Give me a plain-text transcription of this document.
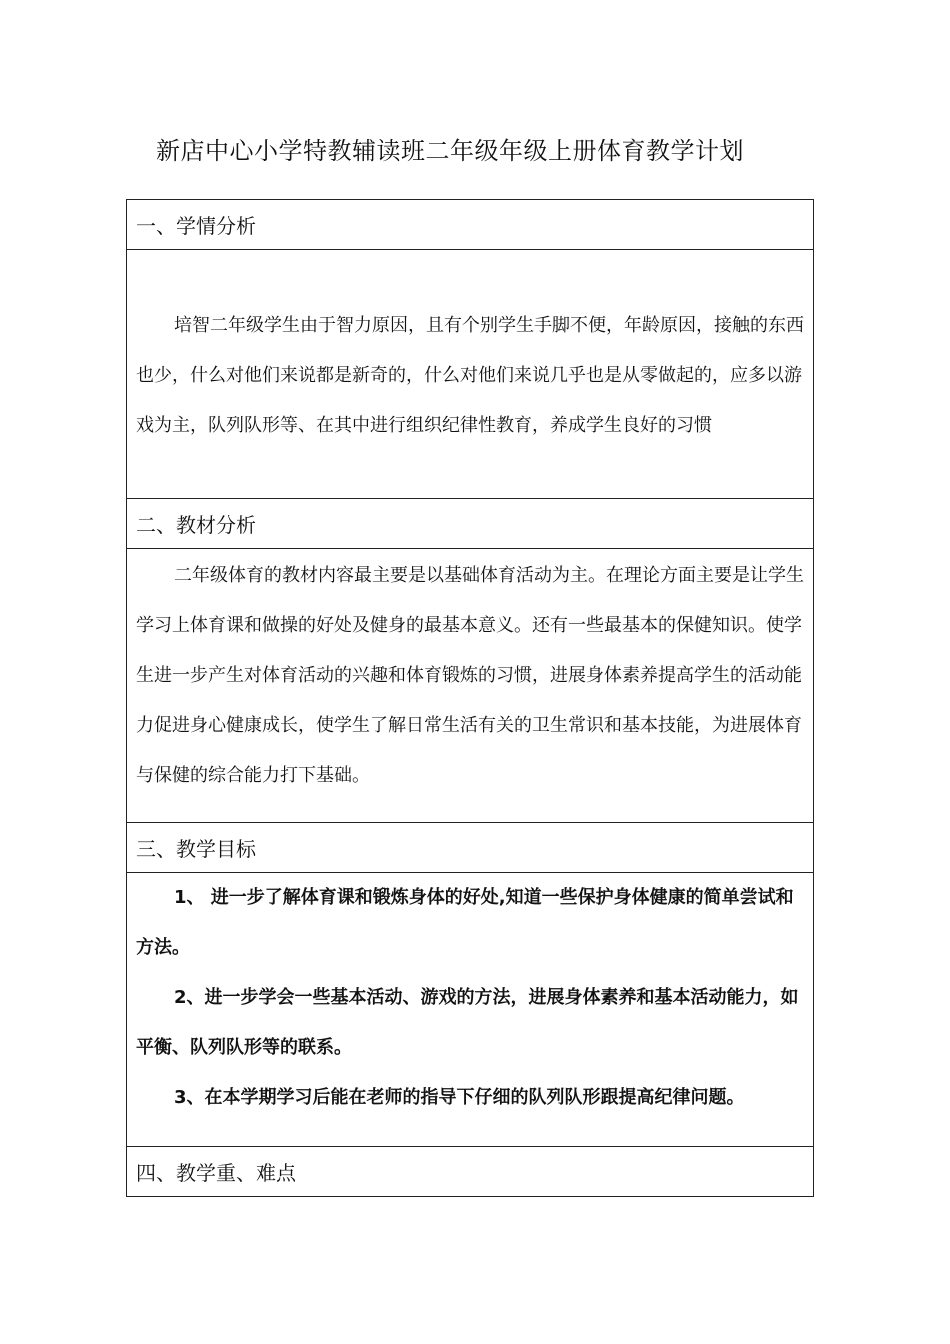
新店中心小学特教辅读班二年级年级上册体育教学计划
一、学情分析

培智二年级学生由于智力原因，且有个别学生手脚不便，年龄原因，接触的东西也少，什么对他们来说都是新奇的，什么对他们来说几乎也是从零做起的，应多以游戏为主，队列队形等、在其中进行组织纪律性教育，养成学生良好的习惯

二、教材分析

二年级体育的教材内容最主要是以基础体育活动为主。在理论方面主要是让学生学习上体育课和做操的好处及健身的最基本意义。还有一些最基本的保健知识。使学生进一步产生对体育活动的兴趣和体育锻炼的习惯，进展身体素养提高学生的活动能力促进身心健康成长，使学生了解日常生活有关的卫生常识和基本技能，为进展体育与保健的综合能力打下基础。

三、教学目标

1、 进一步了解体育课和锻炼身体的好处,知道一些保护身体健康的简单尝试和方法。

2、进一步学会一些基本活动、游戏的方法，进展身体素养和基本活动能力，如平衡、队列队形等的联系。

3、在本学期学习后能在老师的指导下仔细的队列队形跟提高纪律问题。

四、教学重、难点
